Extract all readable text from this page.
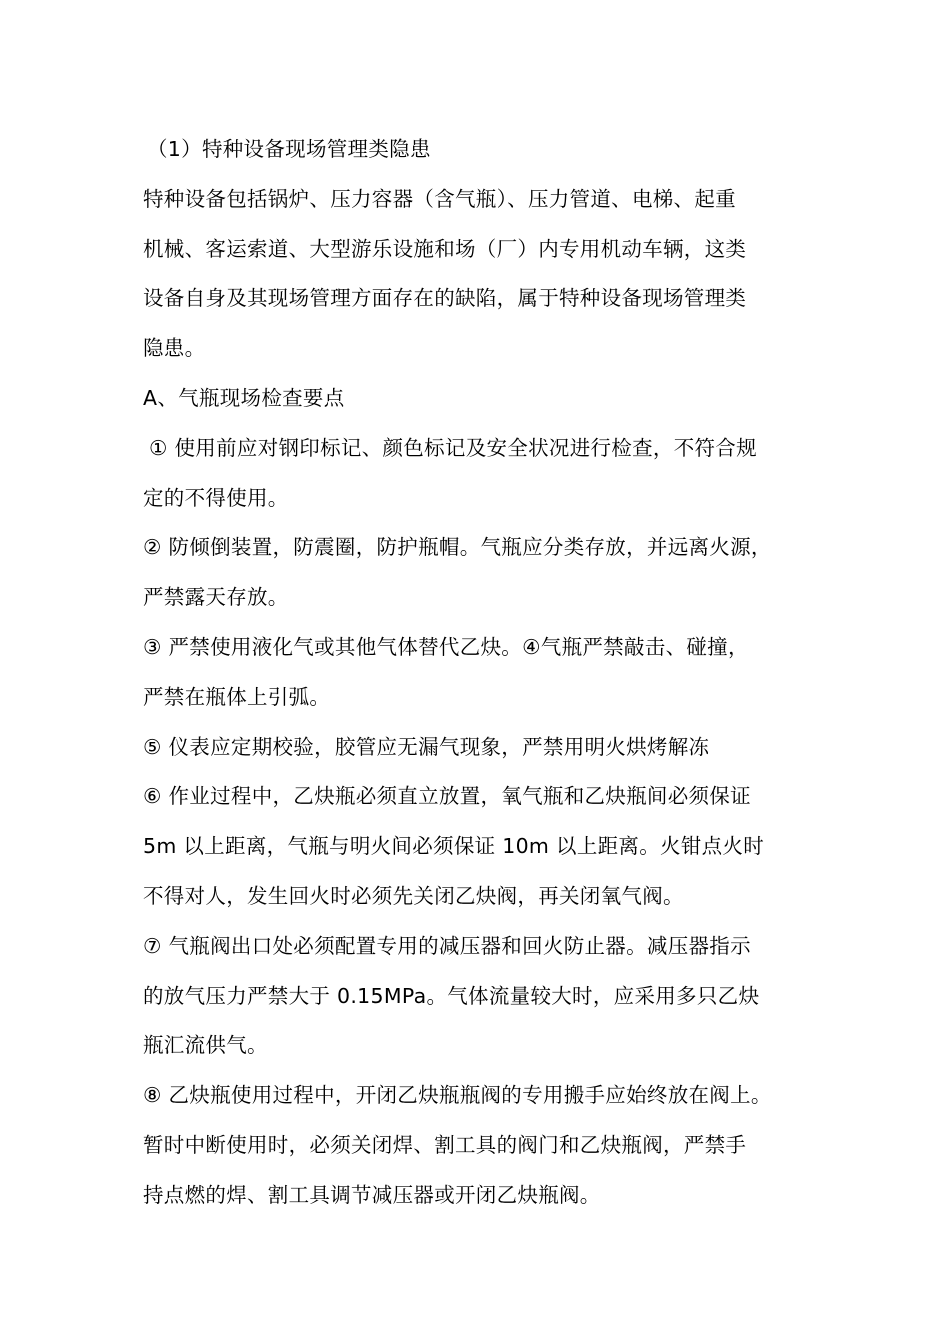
（1）特种设备现场管理类隐患
特种设备包括锅炉、压力容器（含气瓶）、压力管道、电梯、起重
机械、客运索道、大型游乐设施和场（厂）内专用机动车辆，这类
设备自身及其现场管理方面存在的缺陷，属于特种设备现场管理类
隐患。
A、气瓶现场检查要点
① 使用前应对钢印标记、颜色标记及安全状况进行检查，不符合规
定的不得使用。
② 防倾倒装置，防震圈，防护瓶帽。气瓶应分类存放，并远离火源，
严禁露天存放。
③ 严禁使用液化气或其他气体替代乙炔。④气瓶严禁敲击、碰撞，
严禁在瓶体上引弧。
⑤ 仪表应定期校验，胶管应无漏气现象，严禁用明火烘烤解冻
⑥ 作业过程中，乙炔瓶必须直立放置，氧气瓶和乙炔瓶间必须保证
5m 以上距离，气瓶与明火间必须保证 10m 以上距离。火钳点火时
不得对人，发生回火时必须先关闭乙炔阀，再关闭氧气阀。
⑦ 气瓶阀出口处必须配置专用的减压器和回火防止器。减压器指示
的放气压力严禁大于 0.15MPa。气体流量较大时，应采用多只乙炔
瓶汇流供气。
⑧ 乙炔瓶使用过程中，开闭乙炔瓶瓶阀的专用搬手应始终放在阀上。
暂时中断使用时，必须关闭焊、割工具的阀门和乙炔瓶阀，严禁手
持点燃的焊、割工具调节减压器或开闭乙炔瓶阀。
